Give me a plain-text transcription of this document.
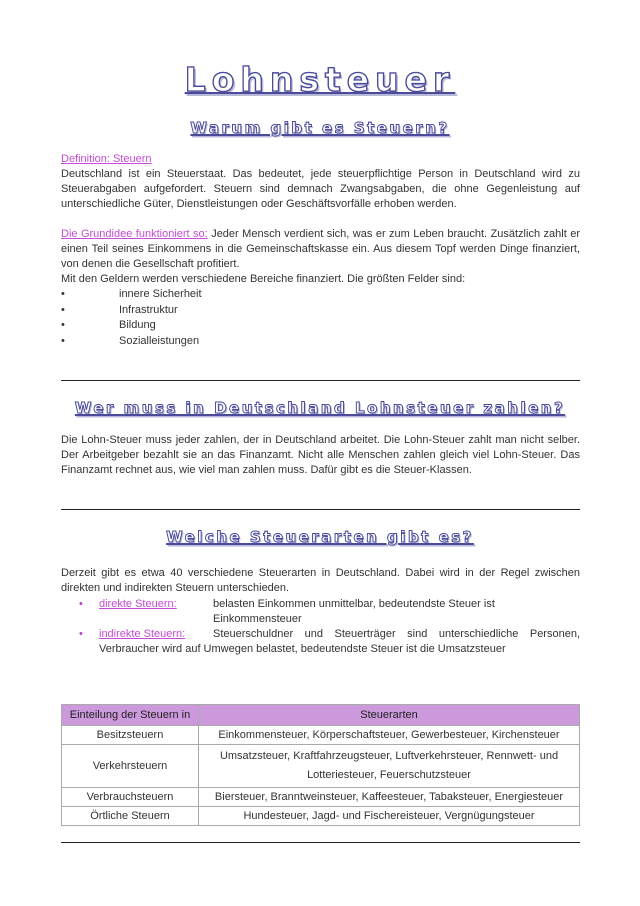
Lohnsteuer
Warum gibt es Steuern?
Definition: Steuern
Deutschland ist ein Steuerstaat. Das bedeutet, jede steuerpflichtige Person in Deutschland wird zu Steuerabgaben aufgefordert. Steuern sind demnach Zwangsabgaben, die ohne Gegenleistung auf unterschiedliche Güter, Dienstleistungen oder Geschäftsvorfälle erhoben werden.
Die Grundidee funktioniert so: Jeder Mensch verdient sich, was er zum Leben braucht. Zusätzlich zahlt er einen Teil seines Einkommens in die Gemeinschaftskasse ein. Aus diesem Topf werden Dinge finanziert, von denen die Gesellschaft profitiert.
Mit den Geldern werden verschiedene Bereiche finanziert. Die größten Felder sind:
•	innere Sicherheit
•	Infrastruktur
•	Bildung
•	Sozialleistungen
Wer muss in Deutschland Lohnsteuer zahlen?
Die Lohn-Steuer muss jeder zahlen, der in Deutschland arbeitet. Die Lohn-Steuer zahlt man nicht selber. Der Arbeitgeber bezahlt sie an das Finanzamt. Nicht alle Menschen zahlen gleich viel Lohn-Steuer. Das Finanzamt rechnet aus, wie viel man zahlen muss. Dafür gibt es die Steuer-Klassen.
Welche Steuerarten gibt es?
Derzeit gibt es etwa 40 verschiedene Steuerarten in Deutschland. Dabei wird in der Regel zwischen direkten und indirekten Steuern unterschieden.
• direkte Steuern:	belasten Einkommen unmittelbar, bedeutendste Steuer ist
Einkommensteuer
• indirekte Steuern:	Steuerschuldner und Steuerträger sind unterschiedliche Personen,
Verbraucher wird auf Umwegen belastet, bedeutendste Steuer ist die Umsatzsteuer
Einteilung der Steuern in	Steuerarten
Besitzsteuern	Einkommensteuer, Körperschaftsteuer, Gewerbesteuer, Kirchensteuer
Verkehrsteuern	Umsatzsteuer, Kraftfahrzeugsteuer, Luftverkehrsteuer, Rennwett- und Lotteriesteuer, Feuerschutzsteuer
Verbrauchsteuern	Biersteuer, Branntweinsteuer, Kaffeesteuer, Tabaksteuer, Energiesteuer
Örtliche Steuern	Hundesteuer, Jagd- und Fischereisteuer, Vergnügungsteuer
